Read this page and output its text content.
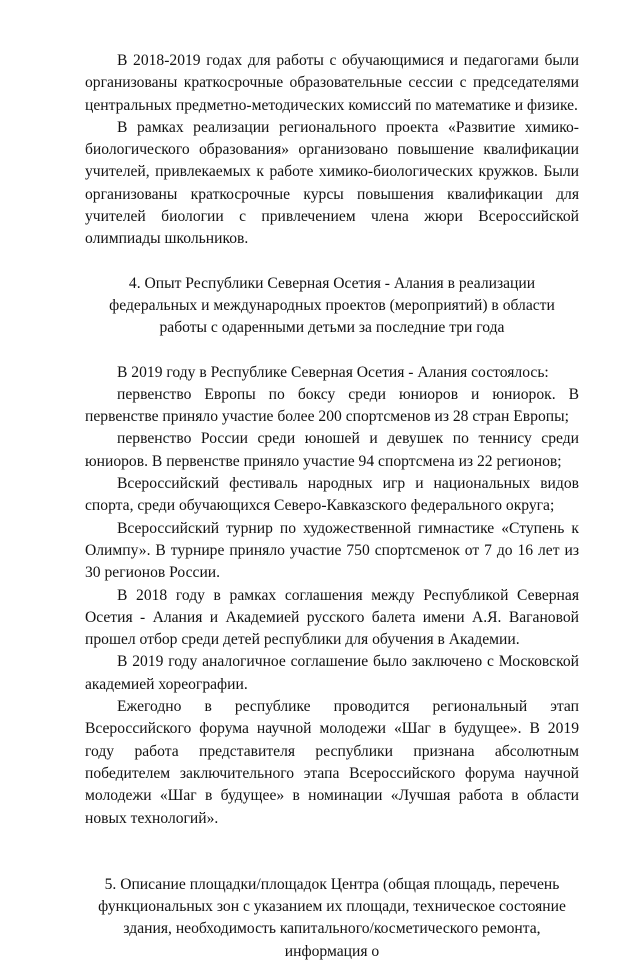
В 2018-2019 годах для работы с обучающимися и педагогами были организованы краткосрочные образовательные сессии с председателями центральных предметно-методических комиссий по математике и физике.

В рамках реализации регионального проекта «Развитие химико-биологического образования» организовано повышение квалификации учителей, привлекаемых к работе химико-биологических кружков. Были организованы краткосрочные курсы повышения квалификации для учителей биологии с привлечением члена жюри Всероссийской олимпиады школьников.

4. Опыт Республики Северная Осетия - Алания в реализации федеральных и международных проектов (мероприятий) в области работы с одаренными детьми за последние три года

В 2019 году в Республике Северная Осетия - Алания состоялось:

первенство Европы по боксу среди юниоров и юниорок. В первенстве приняло участие более 200 спортсменов из 28 стран Европы;

первенство России среди юношей и девушек по теннису среди юниоров. В первенстве приняло участие 94 спортсмена из 22 регионов;

Всероссийский фестиваль народных игр и национальных видов спорта, среди обучающихся Северо-Кавказского федерального округа;

Всероссийский турнир по художественной гимнастике «Ступень к Олимпу». В турнире приняло участие 750 спортсменок от 7 до 16 лет из 30 регионов России.

В 2018 году в рамках соглашения между Республикой Северная Осетия - Алания и Академией русского балета имени А.Я. Вагановой прошел отбор среди детей республики для обучения в Академии.

В 2019 году аналогичное соглашение было заключено с Московской академией хореографии.

Ежегодно в республике проводится региональный этап Всероссийского форума научной молодежи «Шаг в будущее». В 2019 году работа представителя республики признана абсолютным победителем заключительного этапа Всероссийского форума научной молодежи «Шаг в будущее» в номинации «Лучшая работа в области новых технологий».

5. Описание площадки/площадок Центра (общая площадь, перечень функциональных зон с указанием их площади, техническое состояние здания, необходимость капитального/косметического ремонта, информация о
